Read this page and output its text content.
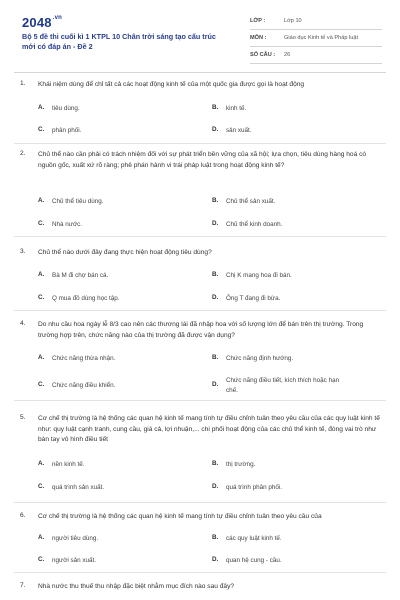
$2048^{.vn}$
Bộ 5 đề thi cuối kì 1 KTPL 10 Chân trời sáng tạo cấu trúc mới có đáp án - Đề 2
LỚP :	Lớp 10
MÔN :	Giáo dục Kinh tế và Pháp luật
SỐ CÂU :	26
1. Khái niệm dùng để chỉ tất cả các hoạt động kinh tế của một quốc gia được gọi là hoạt động
A.	tiêu dùng.	B.	kinh tế.
C.	phân phối.	D.	sản xuất.
2. Chủ thể nào cần phải có trách nhiệm đối với sự phát triển bền vững của xã hội; lựa chọn, tiêu dùng hàng hoá có nguồn gốc, xuất xứ rõ ràng; phê phán hành vi trái pháp luật trong hoạt động kinh tế?
A.	Chủ thể tiêu dùng.	B.	Chủ thể sản xuất.
C.	Nhà nước.	D.	Chủ thể kinh doanh.
3. Chủ thể nào dưới đây đang thực hiện hoạt động tiêu dùng?
A.	Bà M đi chợ bán cá.	B.	Chị K mang hoa đi bán.
C.	Q mua đồ dùng học tập.	D.	Ông T đang đi bừa.
4. Do nhu cầu hoa ngày lễ 8/3 cao nên các thương lái đã nhập hoa với số lượng lớn để bán trên thị trường. Trong trường hợp trên, chức năng nào của thị trường đã được vận dụng?
A.	Chức năng thừa nhận.	B.	Chức năng định hướng.
C.	Chức năng điều khiển.	D.
Chức năng điều tiết, kích thích hoặc hạn chế.
5. Cơ chế thị trường là hệ thống các quan hệ kinh tế mang tính tự điều chỉnh tuân theo yêu cầu của các quy luật kinh tế như: quy luật cạnh tranh, cung cầu, giá cả, lợi nhuận,... chi phối hoạt động của các chủ thể kinh tế, đóng vai trò như bàn tay vô hình điều tiết
A.	nền kinh tế.	B.	thị trường.
C.	quá trình sản xuất.	D.	quá trình phân phối.
6. Cơ chế thị trường là hệ thống các quan hệ kinh tế mang tính tự điều chỉnh tuân theo yêu cầu của
A.	người tiêu dùng.	B.	các quy luật kinh tế.
C.	người sản xuất.	D.	quan hệ cung - cầu.
7. Nhà nước thu thuế thu nhập đặc biệt nhằm mục đích nào sau đây?
